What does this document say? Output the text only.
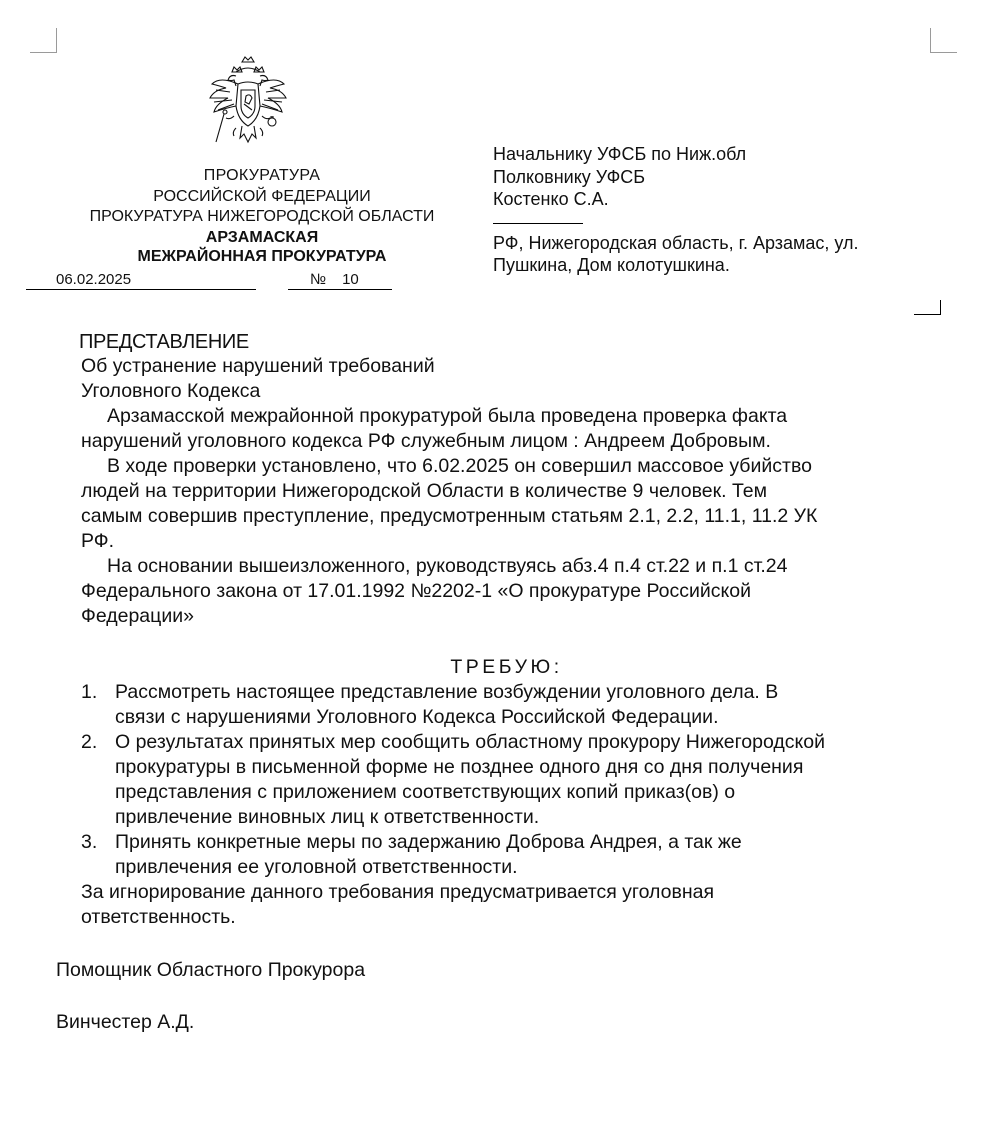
ПРОКУРАТУРА
РОССИЙСКОЙ ФЕДЕРАЦИИ
ПРОКУРАТУРА НИЖЕГОРОДСКОЙ ОБЛАСТИ
АРЗАМАСКАЯ
МЕЖРАЙОННАЯ ПРОКУРАТУРА
06.02.2025	№ 10
Начальнику УФСБ по Ниж.обл
Полковнику УФСБ
Костенко С.А.
РФ, Нижегородская область, г. Арзамас, ул.
Пушкина, Дом колотушкина.
ПРЕДСТАВЛЕНИЕ
Об устранение нарушений требований
Уголовного Кодекса
Арзамасской межрайонной прокуратурой была проведена проверка факта
нарушений уголовного кодекса РФ служебным лицом : Андреем Добровым.
В ходе проверки установлено, что 6.02.2025 он совершил массовое убийство
людей на территории Нижегородской Области в количестве 9 человек. Тем
самым совершив преступление, предусмотренным статьям 2.1, 2.2, 11.1, 11.2 УК
РФ.
На основании вышеизложенного, руководствуясь абз.4 п.4 ст.22 и п.1 ст.24
Федерального закона от 17.01.1992 №2202-1 «О прокуратуре Российской
Федерации»
ТРЕБУЮ:
1. Рассмотреть настоящее представление возбуждении уголовного дела. В
связи с нарушениями Уголовного Кодекса Российской Федерации.
2. О результатах принятых мер сообщить областному прокурору Нижегородской
прокуратуры в письменной форме не позднее одного дня со дня получения
представления с приложением соответствующих копий приказ(ов) о
привлечение виновных лиц к ответственности.
3. Принять конкретные меры по задержанию Доброва Андрея, а так же
привлечения ее уголовной ответственности.
За игнорирование данного требования предусматривается уголовная
ответственность.
Помощник Областного Прокурора
Винчестер А.Д.
